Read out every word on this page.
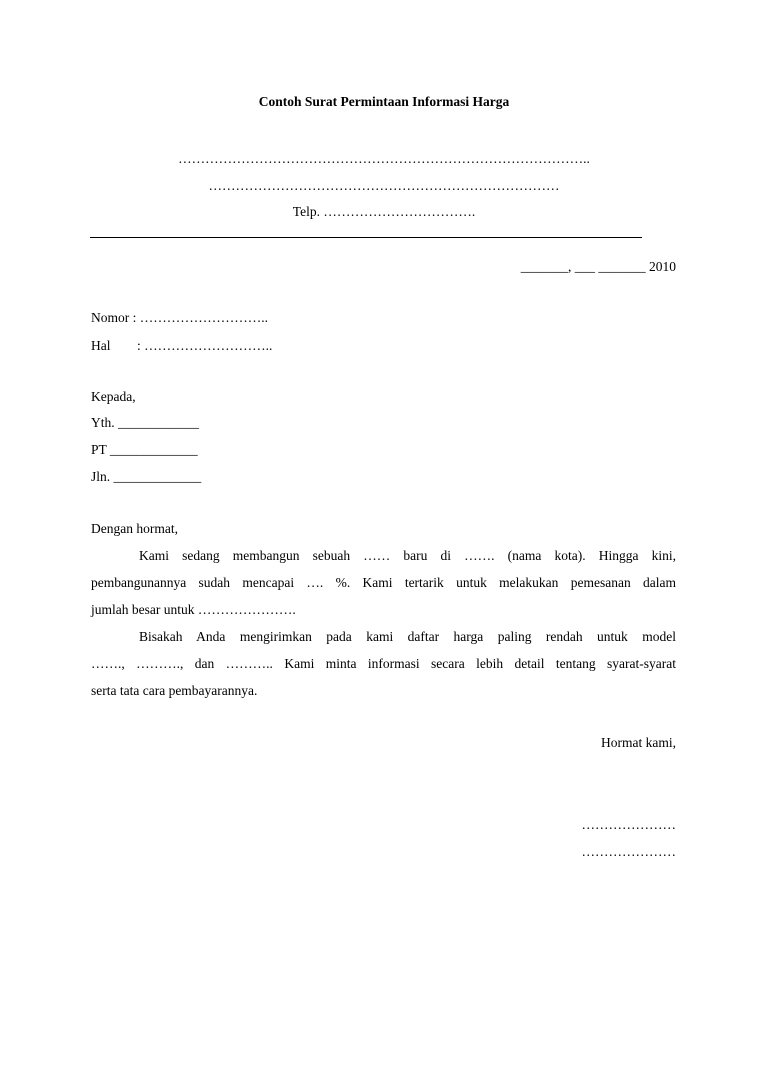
Contoh Surat Permintaan Informasi Harga
………………………………………………………………………………..
……………………………………………………………………
Telp. …………………………….
_______, ___ _______ 2010
Nomor : ………………………..
Hal : ………………………..
Kepada,
Yth. ____________
PT _____________
Jln. _____________
Dengan hormat,
Kami sedang membangun sebuah …… baru di ……. (nama kota). Hingga kini,
pembangunannya sudah mencapai …. %. Kami tertarik untuk melakukan pemesanan dalam
jumlah besar untuk ………………….
Bisakah Anda mengirimkan pada kami daftar harga paling rendah untuk model
……., ………., dan ……….. Kami minta informasi secara lebih detail tentang syarat-syarat
serta tata cara pembayarannya.
Hormat kami,
…………………
…………………
